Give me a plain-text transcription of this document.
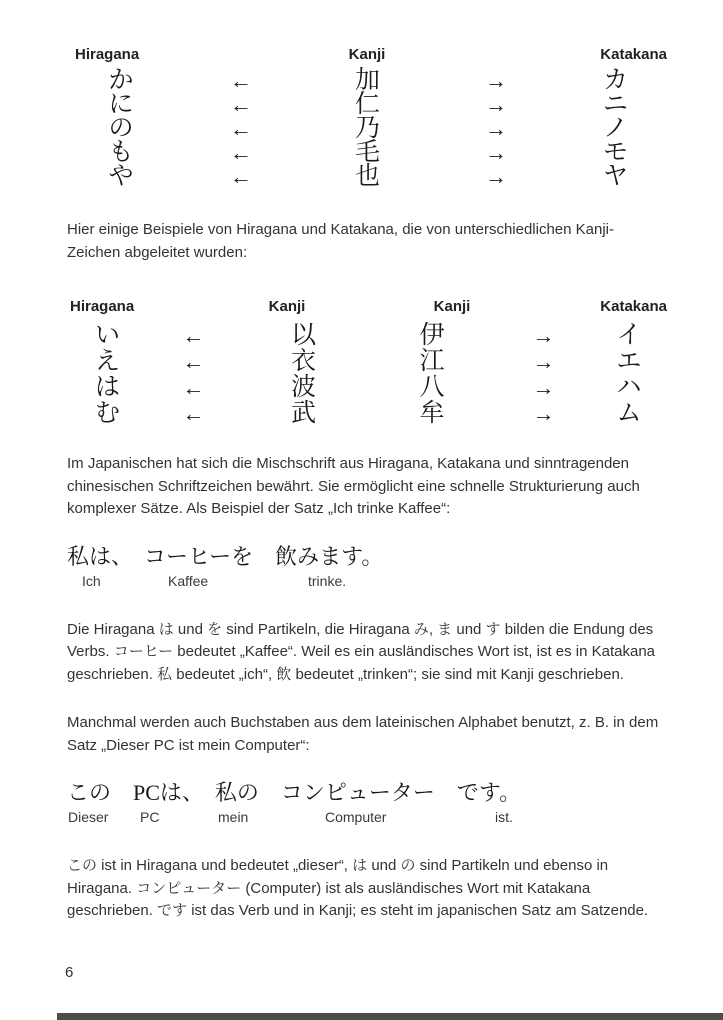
Hiragana	Kanji	Katakana
か	←	加	→	カ
に	←	仁	→	ニ
の	←	乃	→	ノ
も	←	毛	→	モ
や	←	也	→	ヤ

Hier einige Beispiele von Hiragana und Katakana, die von unterschiedlichen Kanji-Zeichen abgeleitet wurden:

Hiragana	Kanji	Kanji	Katakana
い	←	以	伊	→	イ
え	←	衣	江	→	エ
は	←	波	八	→	ハ
む	←	武	牟	→	ム

Im Japanischen hat sich die Mischschrift aus Hiragana, Katakana und sinntragenden chinesischen Schriftzeichen bewährt. Sie ermöglicht eine schnelle Strukturierung auch komplexer Sätze. Als Beispiel der Satz „Ich trinke Kaffee“:

私は、　コーヒーを　飲みます。
Ich	Kaffee	trinke.

Die Hiragana は und を sind Partikeln, die Hiragana み, ま und す bilden die Endung des Verbs. コーヒー bedeutet „Kaffee“. Weil es ein ausländisches Wort ist, ist es in Katakana geschrieben. 私 bedeutet „ich“, 飲 bedeutet „trinken“; sie sind mit Kanji geschrieben.

Manchmal werden auch Buchstaben aus dem lateinischen Alphabet benutzt, z. B. in dem Satz „Dieser PC ist mein Computer“:

この　PCは、　私の　コンピューター　です。
Dieser PC	mein	Computer	ist.

この ist in Hiragana und bedeutet „dieser“, は und の sind Partikeln und ebenso in Hiragana. コンピューター (Computer) ist als ausländisches Wort mit Katakana geschrieben. です ist das Verb und in Kanji; es steht im japanischen Satz am Satzende.

6
